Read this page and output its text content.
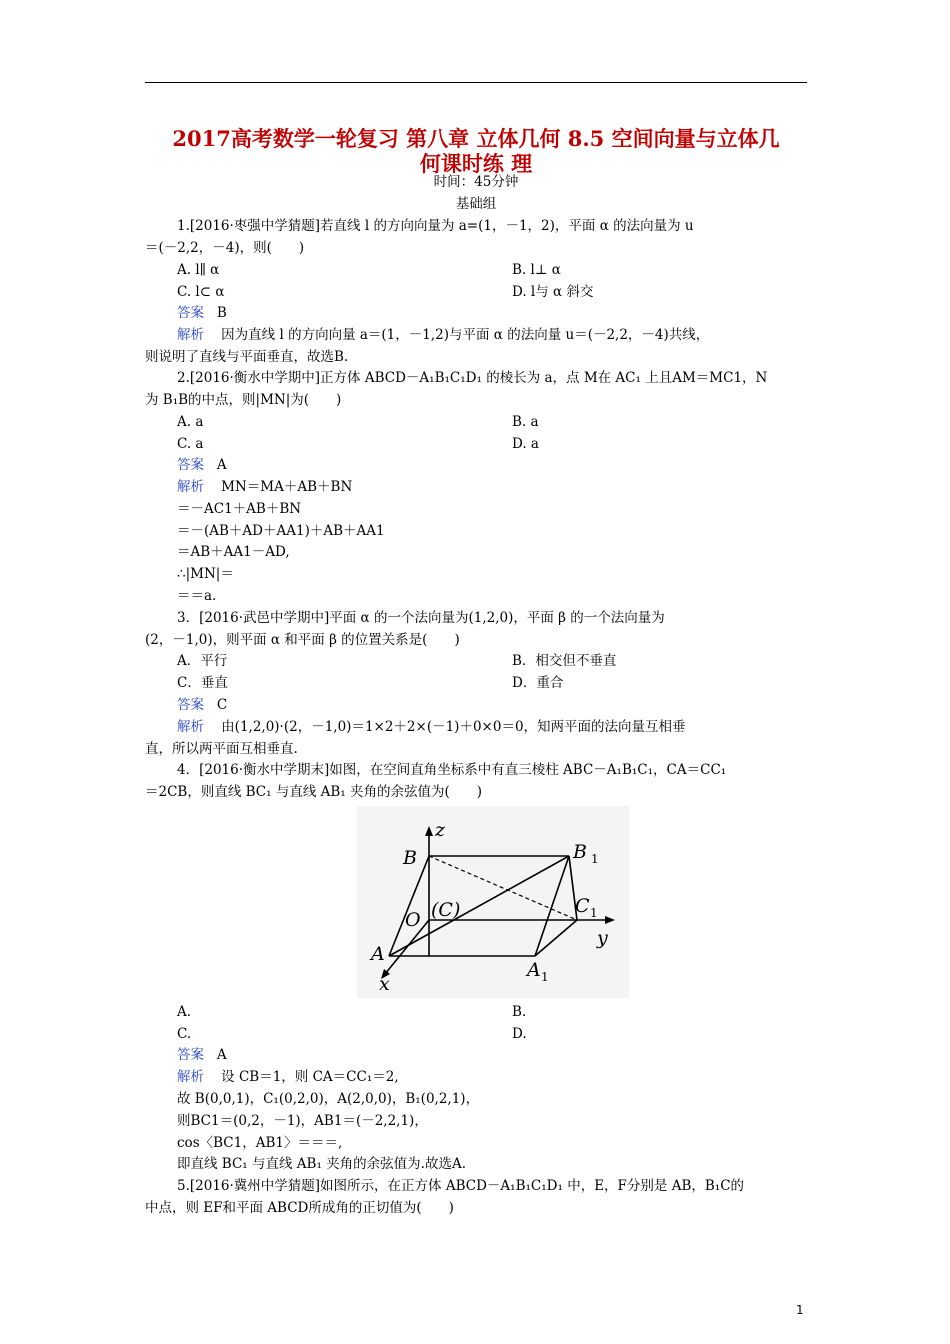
2017高考数学一轮复习 第八章 立体几何 8.5 空间向量与立体几
何课时练 理
时间：45分钟
基础组
1.[2016·枣强中学猜题]若直线 l 的方向向量为 a=(1，－1，2)，平面 α 的法向量为 u
＝(－2,2，－4)，则(　　)
A. l∥ α	B. l⊥ α
C. l⊂ α	D. l与 α 斜交
答案 B
解析 因为直线 l 的方向向量 a＝(1，－1,2)与平面 α 的法向量 u＝(－2,2，－4)共线，
则说明了直线与平面垂直，故选B.
2.[2016·衡水中学期中]正方体 ABCD－A₁B₁C₁D₁ 的棱长为 a，点 M在 AC₁ 上且AM＝MC1，N
为 B₁B的中点，则|MN|为(　　)
A. a	B. a
C. a	D. a
答案 A
解析 MN＝MA＋AB＋BN
＝－AC1＋AB＋BN
＝－(AB＋AD＋AA1)＋AB＋AA1
＝AB＋AA1－AD,
∴|MN|＝
＝＝a.
3．[2016·武邑中学期中]平面 α 的一个法向量为(1,2,0)，平面 β 的一个法向量为
(2，－1,0)，则平面 α 和平面 β 的位置关系是(　　)
A．平行	B．相交但不垂直
C．垂直	D．重合
答案 C
解析 由(1,2,0)·(2，－1,0)＝1×2＋2×(－1)＋0×0＝0，知两平面的法向量互相垂
直，所以两平面互相垂直.
4．[2016·衡水中学期末]如图，在空间直角坐标系中有直三棱柱 ABC－A₁B₁C₁，CA＝CC₁
＝2CB，则直线 BC₁ 与直线 AB₁ 夹角的余弦值为(　　)
z
B	B 1
O (C)	C 1
y
A
A 1
x
A.	B.
C.	D.
答案 A
解析 设 CB＝1，则 CA＝CC₁＝2,
故 B(0,0,1)，C₁(0,2,0)，A(2,0,0)，B₁(0,2,1)，
则BC1＝(0,2，－1)，AB1＝(－2,2,1)，
cos〈BC1，AB1〉＝＝＝,
即直线 BC₁ 与直线 AB₁ 夹角的余弦值为.故选A.
5.[2016·冀州中学猜题]如图所示，在正方体 ABCD－A₁B₁C₁D₁ 中，E，F分别是 AB，B₁C的
中点，则 EF和平面 ABCD所成角的正切值为(　　)
1
